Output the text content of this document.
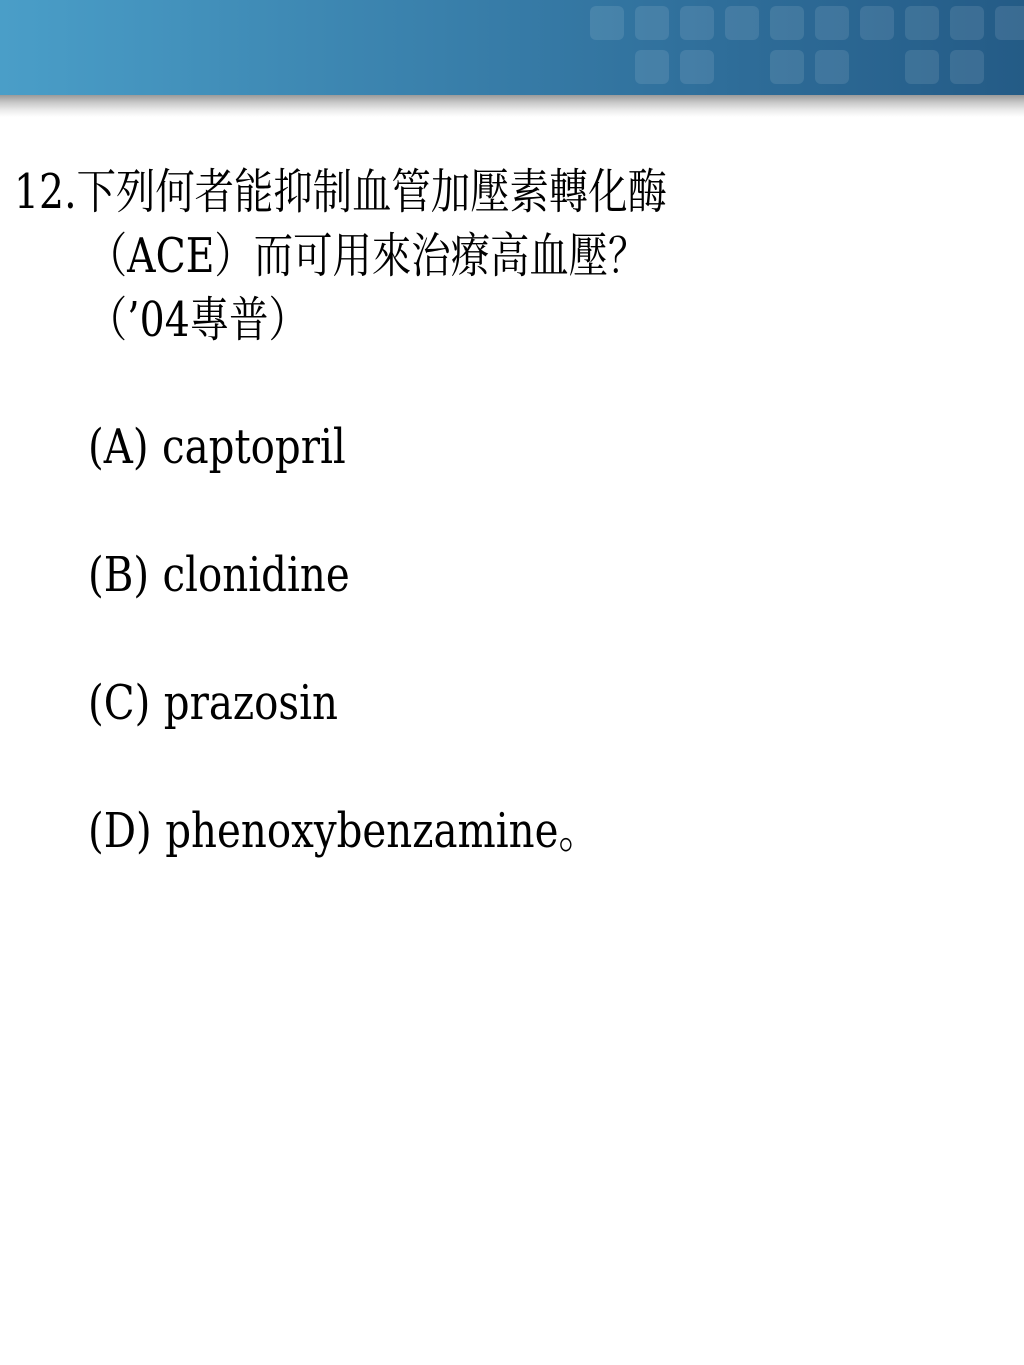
12.下列何者能抑制血管加壓素轉化酶
（ACE）而可用來治療高血壓？
（’04專普）
(A) captopril
(B) clonidine
(C) prazosin
(D) phenoxybenzamine。
